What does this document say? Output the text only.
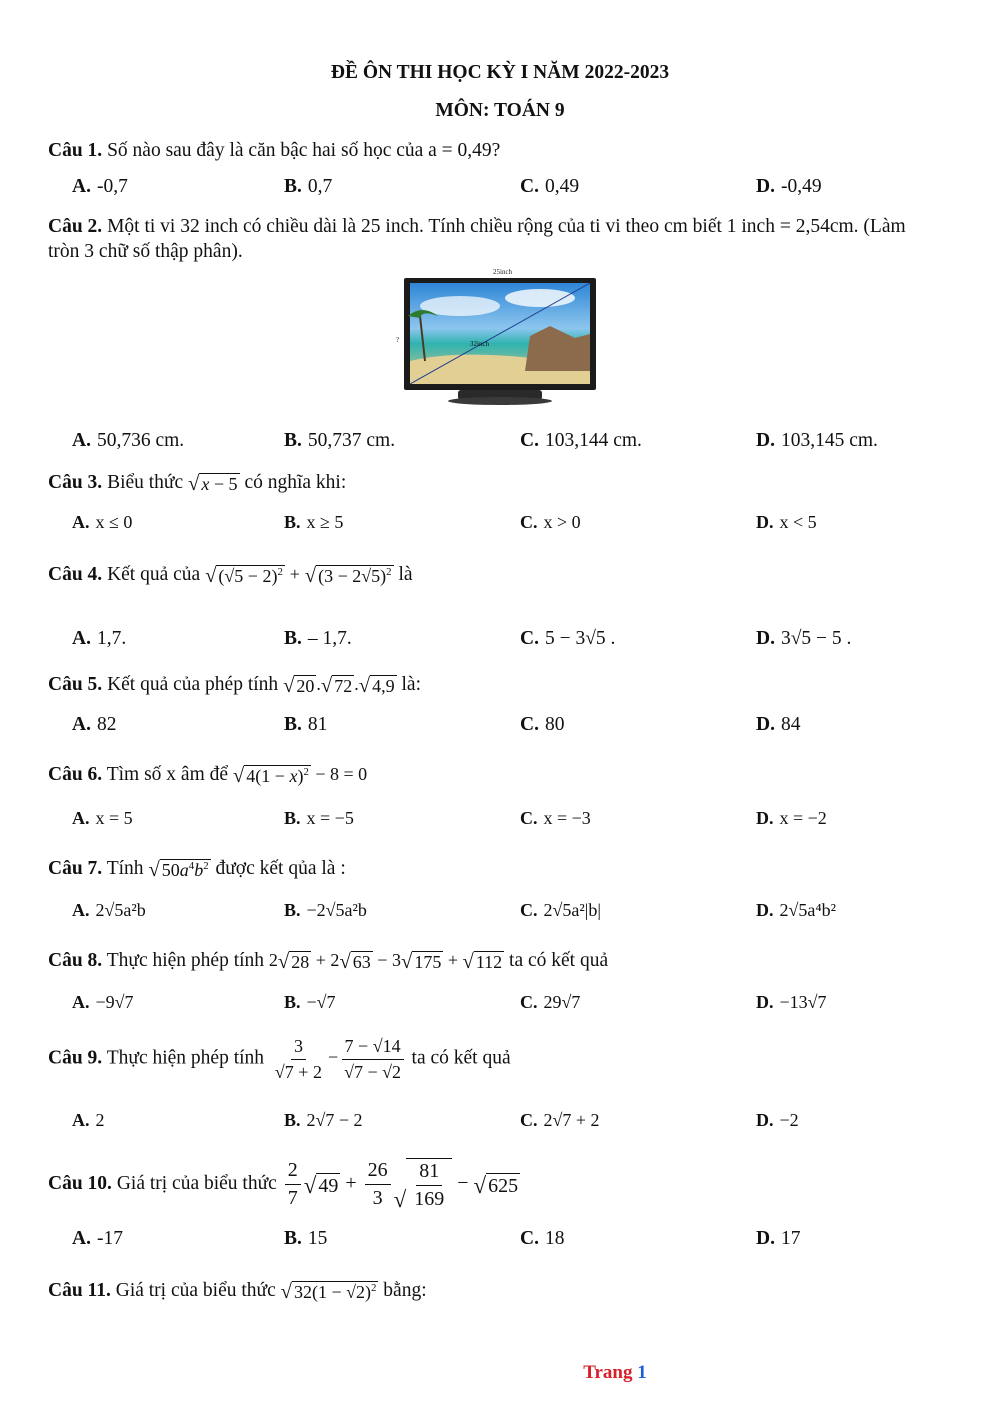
ĐỀ ÔN THI HỌC KỲ I NĂM 2022-2023
MÔN: TOÁN 9
Câu 1. Số nào sau đây là căn bậc hai số học của a = 0,49?
A. -0,7	B. 0,7	C. 0,49	D. -0,49
Câu 2. Một ti vi 32 inch có chiều dài là 25 inch. Tính chiều rộng của ti vi theo cm biết 1 inch = 2,54cm. (Làm tròn 3 chữ số thập phân).
25inch
?	32inch
A. 50,736 cm.	B. 50,737 cm.	C. 103,144 cm.	D. 103,145 cm.
Câu 3. Biểu thức √ x − 5 có nghĩa khi:
A. x ≤ 0	B. x ≥ 5	C. x > 0	D. x < 5
Câu 4. Kết quả của √ $(√5 - 2)^2$ + √ $(3 - 2√5)^2$ là
A. 1,7.	B. – 1,7.	C. 5 − 3√5 .	D. 3√5 − 5 .
Câu 5. Kết quả của phép tính √ 20 . √ 72 . √ 4,9 là:
A. 82	B. 81	C. 80	D. 84
Câu 6. Tìm số x âm để √ $4(1 - x)^2 - 8 = 0$
A. x = 5	B. x = −5	C. x = −3	D. x = −2
Câu 7. Tính √ $50a^4b^2$ được kết qủa là :
A. 2√5a²b	B. −2√5a²b	C. 2√5a²|b|	D. 2√5a⁴b²
Câu 8. Thực hiện phép tính 2 √ 28 + 2 √ 63 − 3 √ 175 + √ 112 ta có kết quả
A. −9√7	B. −√7	C. 29√7	D. −13√7
Câu 9. Thực hiện phép tính $\frac{3}{√7 + 2} - \frac{7 - √14}{√7 - √2}$ ta có kết quả
A. 2	B. 2√7 − 2	C. 2√7 + 2	D. −2
Câu 10. Giá trị của biểu thức $\frac{2}{7}$ √ $49 + \frac{26}{3}$ √ $\frac{81}{169}$ − √ 625
A. -17	B. 15	C. 18	D. 17
Câu 11. Giá trị của biểu thức √ $32(1 - √2)^2$ bằng:
Trang 1
